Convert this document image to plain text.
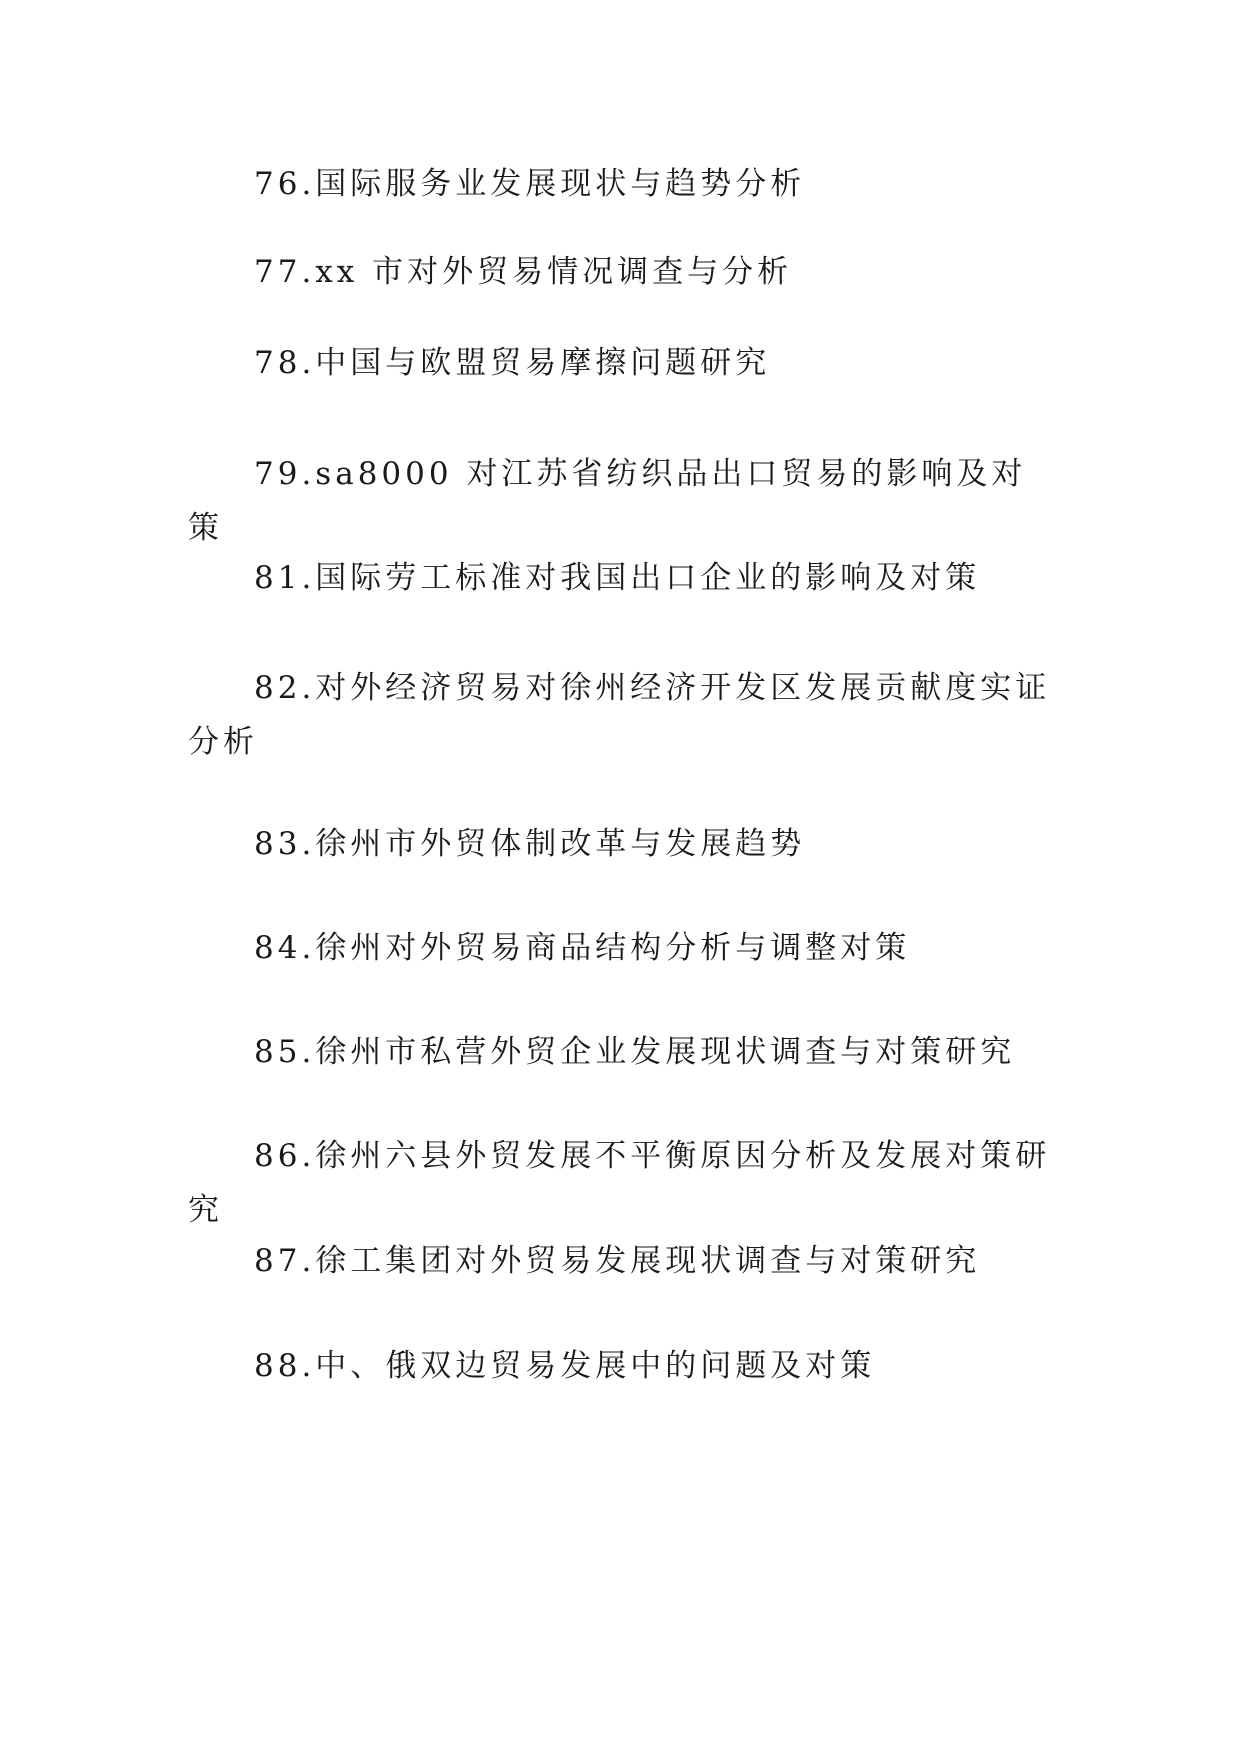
76.国际服务业发展现状与趋势分析

77.xx 市对外贸易情况调查与分析

78.中国与欧盟贸易摩擦问题研究

79.sa8000 对江苏省纺织品出口贸易的影响及对策

81.国际劳工标准对我国出口企业的影响及对策

82.对外经济贸易对徐州经济开发区发展贡献度实证分析

83.徐州市外贸体制改革与发展趋势

84.徐州对外贸易商品结构分析与调整对策

85.徐州市私营外贸企业发展现状调查与对策研究

86.徐州六县外贸发展不平衡原因分析及发展对策研究

87.徐工集团对外贸易发展现状调查与对策研究

88.中、俄双边贸易发展中的问题及对策
